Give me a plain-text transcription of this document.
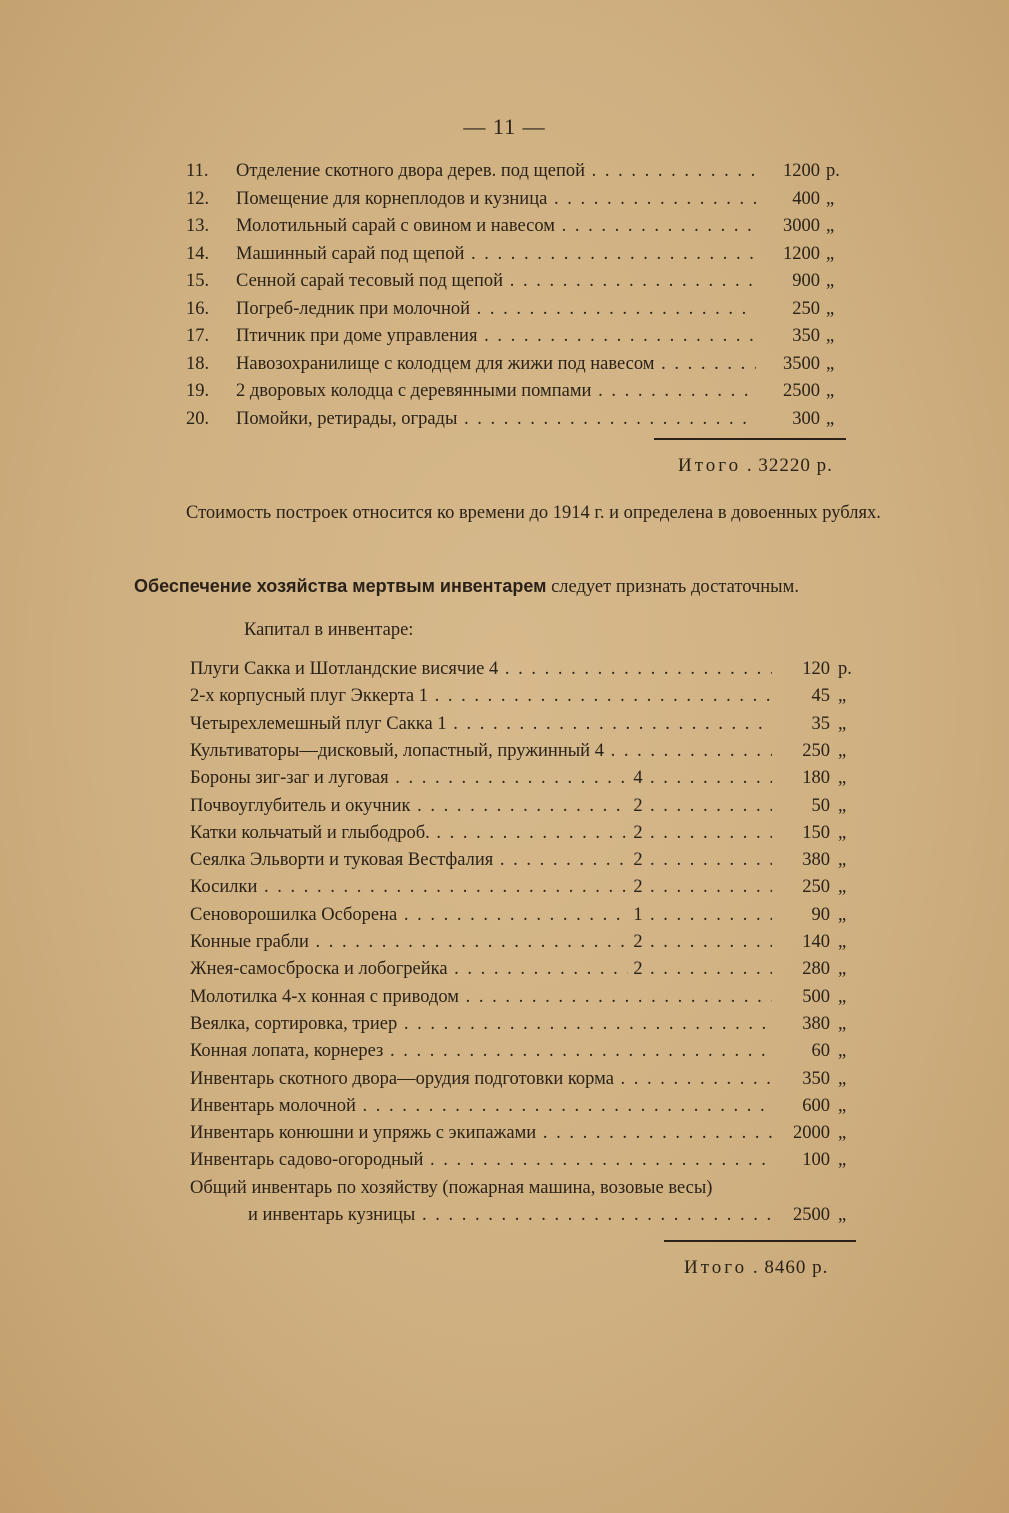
— 11 —
11.	Отделение скотного двора дерев. под щепой . . .	1200 р.
12.	Помещение для корнеплодов и кузница . . .	400 „
13.	Молотильный сарай с овином и навесом . . .	3000 „
14.	Машинный сарай под щепой . . .	1200 „
15.	Сенной сарай тесовый под щепой . . .	900 „
16.	Погреб-ледник при молочной . . .	250 „
17.	Птичник при доме управления . . .	350 „
18.	Навозохранилище с колодцем для жижи под навесом . . .	3500 „
19.	2 дворовых колодца с деревянными помпами . . .	2500 „
20.	Помойки, ретирады, ограды . . .	300 „
Итого . 32220 р.
Стоимость построек относится ко времени до 1914 г. и определена в довоенных рублях.
Обеспечение хозяйства мертвым инвентарем следует признать достаточным.
Капитал в инвентаре:
Плуги Сакка и Шотландские висячие 4 . . .	120 р.
2-х корпусный плуг Эккерта 1 . . .	45 „
Четырехлемешный плуг Сакка 1 . . .	35 „
Культиваторы—дисковый, лопастный, пружинный 4 . . .	250 „
Бороны зиг-заг и луговая . . .	4 . . .	180 „
Почвоуглубитель и окучник . . .	2 . . .	50 „
Катки кольчатый и глыбодроб. . . .	2 . . .	150 „
Сеялка Эльворти и туковая Вестфалия . . .	2 . . .	380 „
Косилки . . .	2 . . .	250 „
Сеноворошилка Осборена . . .	1 . . .	90 „
Конные грабли . . .	2 . . .	140 „
Жнея-самосброска и лобогрейка . . .	2 . . .	280 „
Молотилка 4-х конная с приводом . . .	500 „
Веялка, сортировка, триер . . .	380 „
Конная лопата, корнерез . . .	60 „
Инвентарь скотного двора—орудия подготовки корма . . .	350 „
Инвентарь молочной . . .	600 „
Инвентарь конюшни и упряжь с экипажами . . .	2000 „
Инвентарь садово-огородный . . .	100 „
Общий инвентарь по хозяйству (пожарная машина, возовые весы)
и инвентарь кузницы . . .	2500 „
Итого . 8460 р.
